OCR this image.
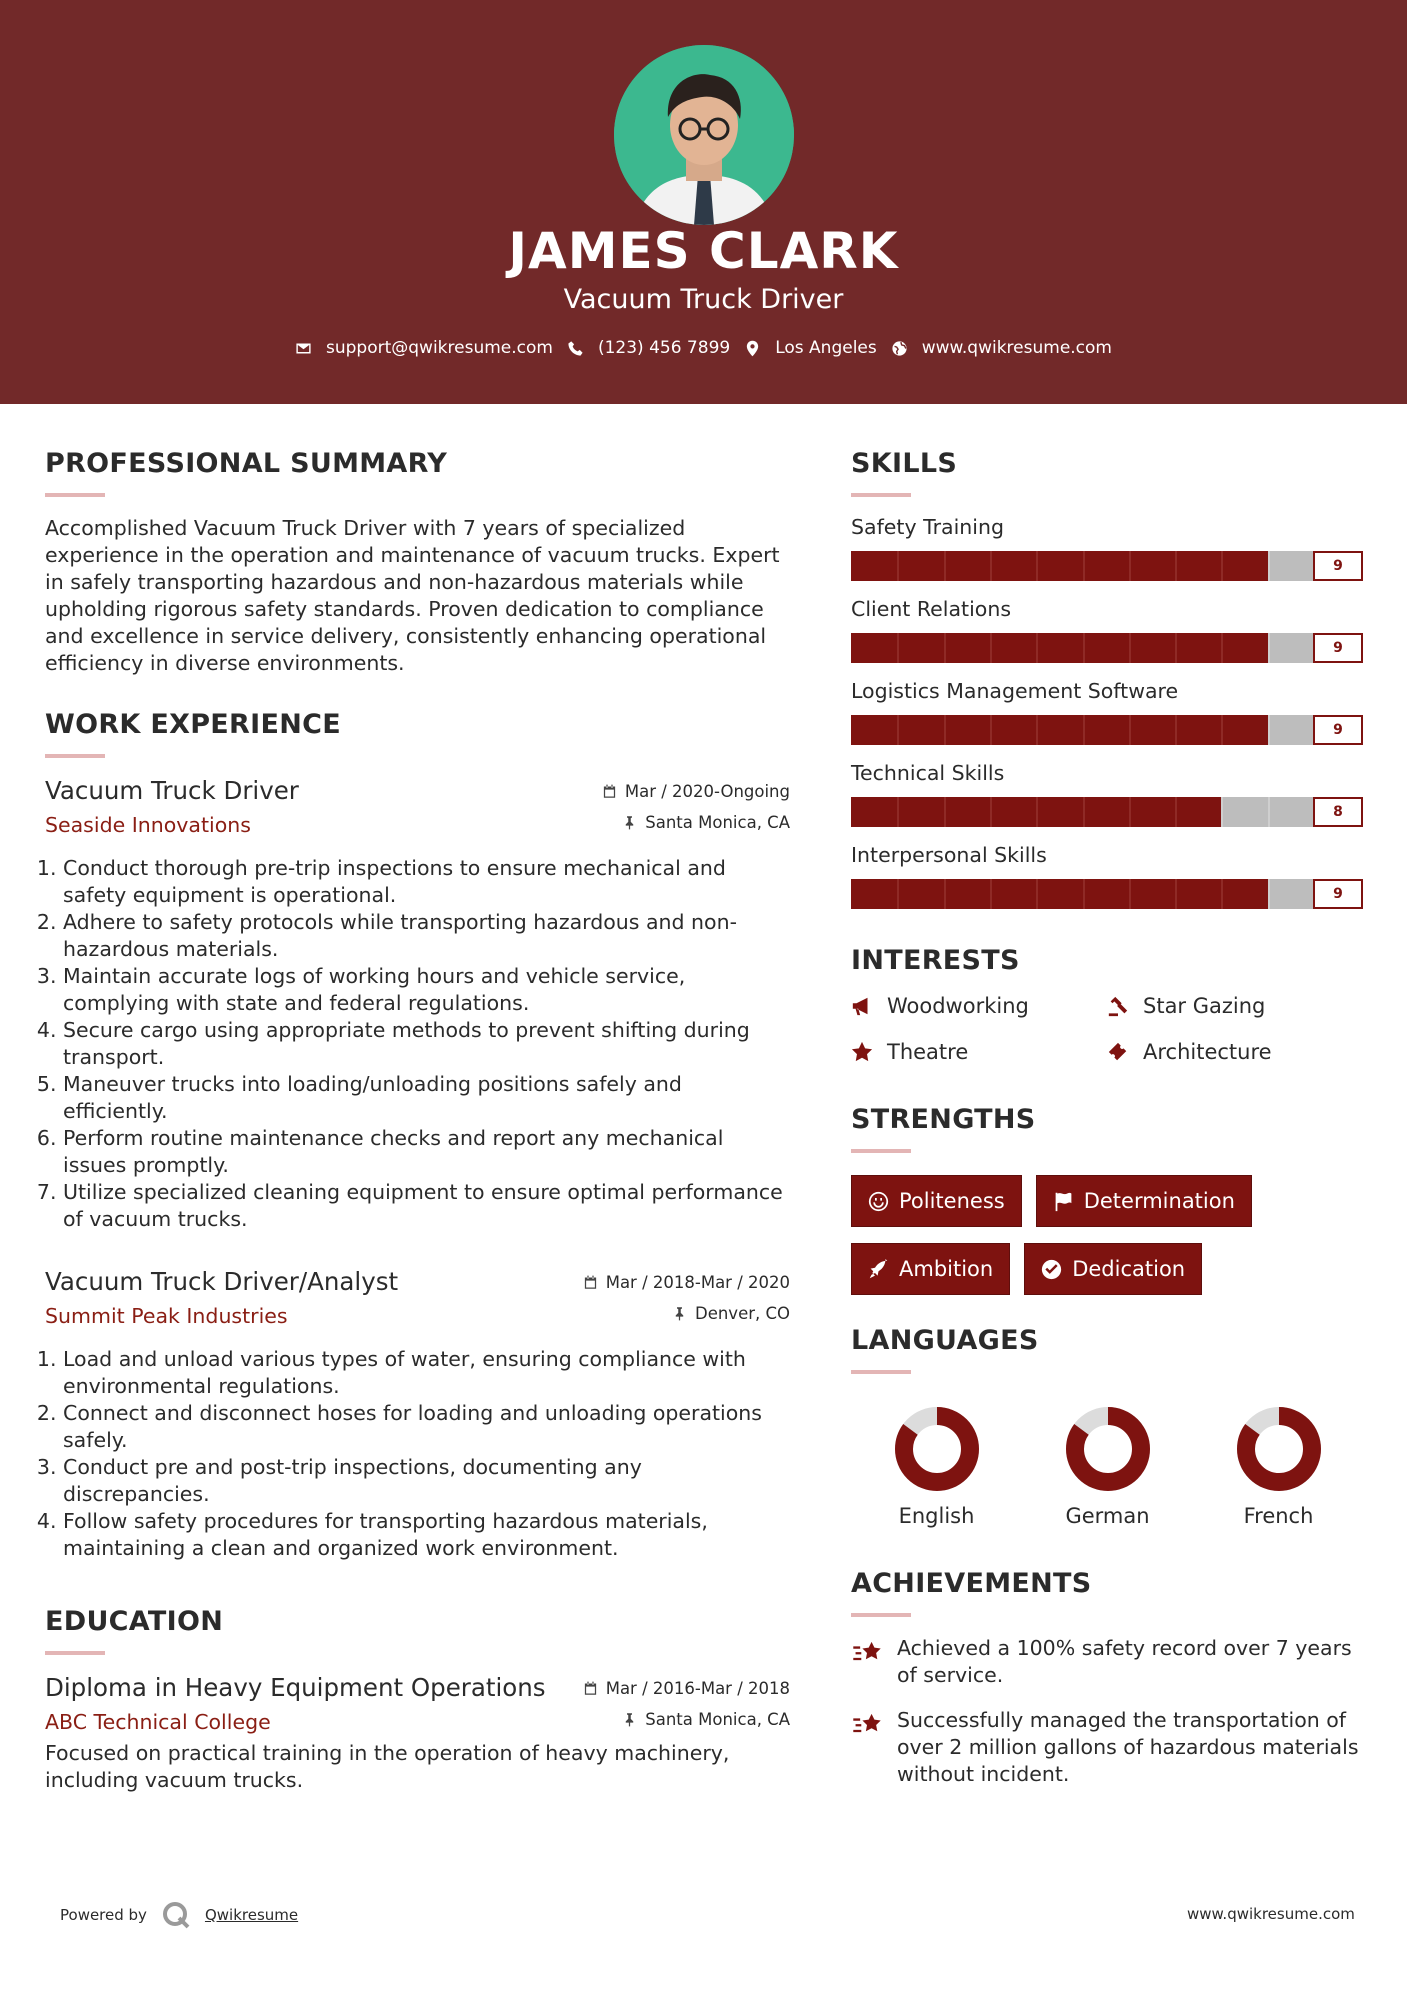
JAMES CLARK
Vacuum Truck Driver
support@qwikresume.com	(123) 456 7899	Los Angeles	www.qwikresume.com
PROFESSIONAL SUMMARY
Accomplished Vacuum Truck Driver with 7 years of specialized experience in the operation and maintenance of vacuum trucks. Expert in safely transporting hazardous and non-hazardous materials while upholding rigorous safety standards. Proven dedication to compliance and excellence in service delivery, consistently enhancing operational efficiency in diverse environments.
WORK EXPERIENCE
Vacuum Truck Driver	Mar / 2020-Ongoing
Seaside Innovations	Santa Monica, CA
1. Conduct thorough pre-trip inspections to ensure mechanical and safety equipment is operational.
2. Adhere to safety protocols while transporting hazardous and non-hazardous materials.
3. Maintain accurate logs of working hours and vehicle service, complying with state and federal regulations.
4. Secure cargo using appropriate methods to prevent shifting during transport.
5. Maneuver trucks into loading/unloading positions safely and efficiently.
6. Perform routine maintenance checks and report any mechanical issues promptly.
7. Utilize specialized cleaning equipment to ensure optimal performance of vacuum trucks.
Vacuum Truck Driver/Analyst	Mar / 2018-Mar / 2020
Summit Peak Industries	Denver, CO
1. Load and unload various types of water, ensuring compliance with environmental regulations.
2. Connect and disconnect hoses for loading and unloading operations safely.
3. Conduct pre and post-trip inspections, documenting any discrepancies.
4. Follow safety procedures for transporting hazardous materials, maintaining a clean and organized work environment.
EDUCATION
Diploma in Heavy Equipment Operations	Mar / 2016-Mar / 2018
ABC Technical College	Santa Monica, CA
Focused on practical training in the operation of heavy machinery, including vacuum trucks.
SKILLS
Safety Training
9
Client Relations
9
Logistics Management Software
9
Technical Skills
8
Interpersonal Skills
9
INTERESTS
Woodworking	Star Gazing
Theatre	Architecture
STRENGTHS
Politeness	Determination
Ambition	Dedication
LANGUAGES
English	German	French
ACHIEVEMENTS
Achieved a 100% safety record over 7 years of service.
Successfully managed the transportation of over 2 million gallons of hazardous materials without incident.
Powered by	Qwikresume	www.qwikresume.com
